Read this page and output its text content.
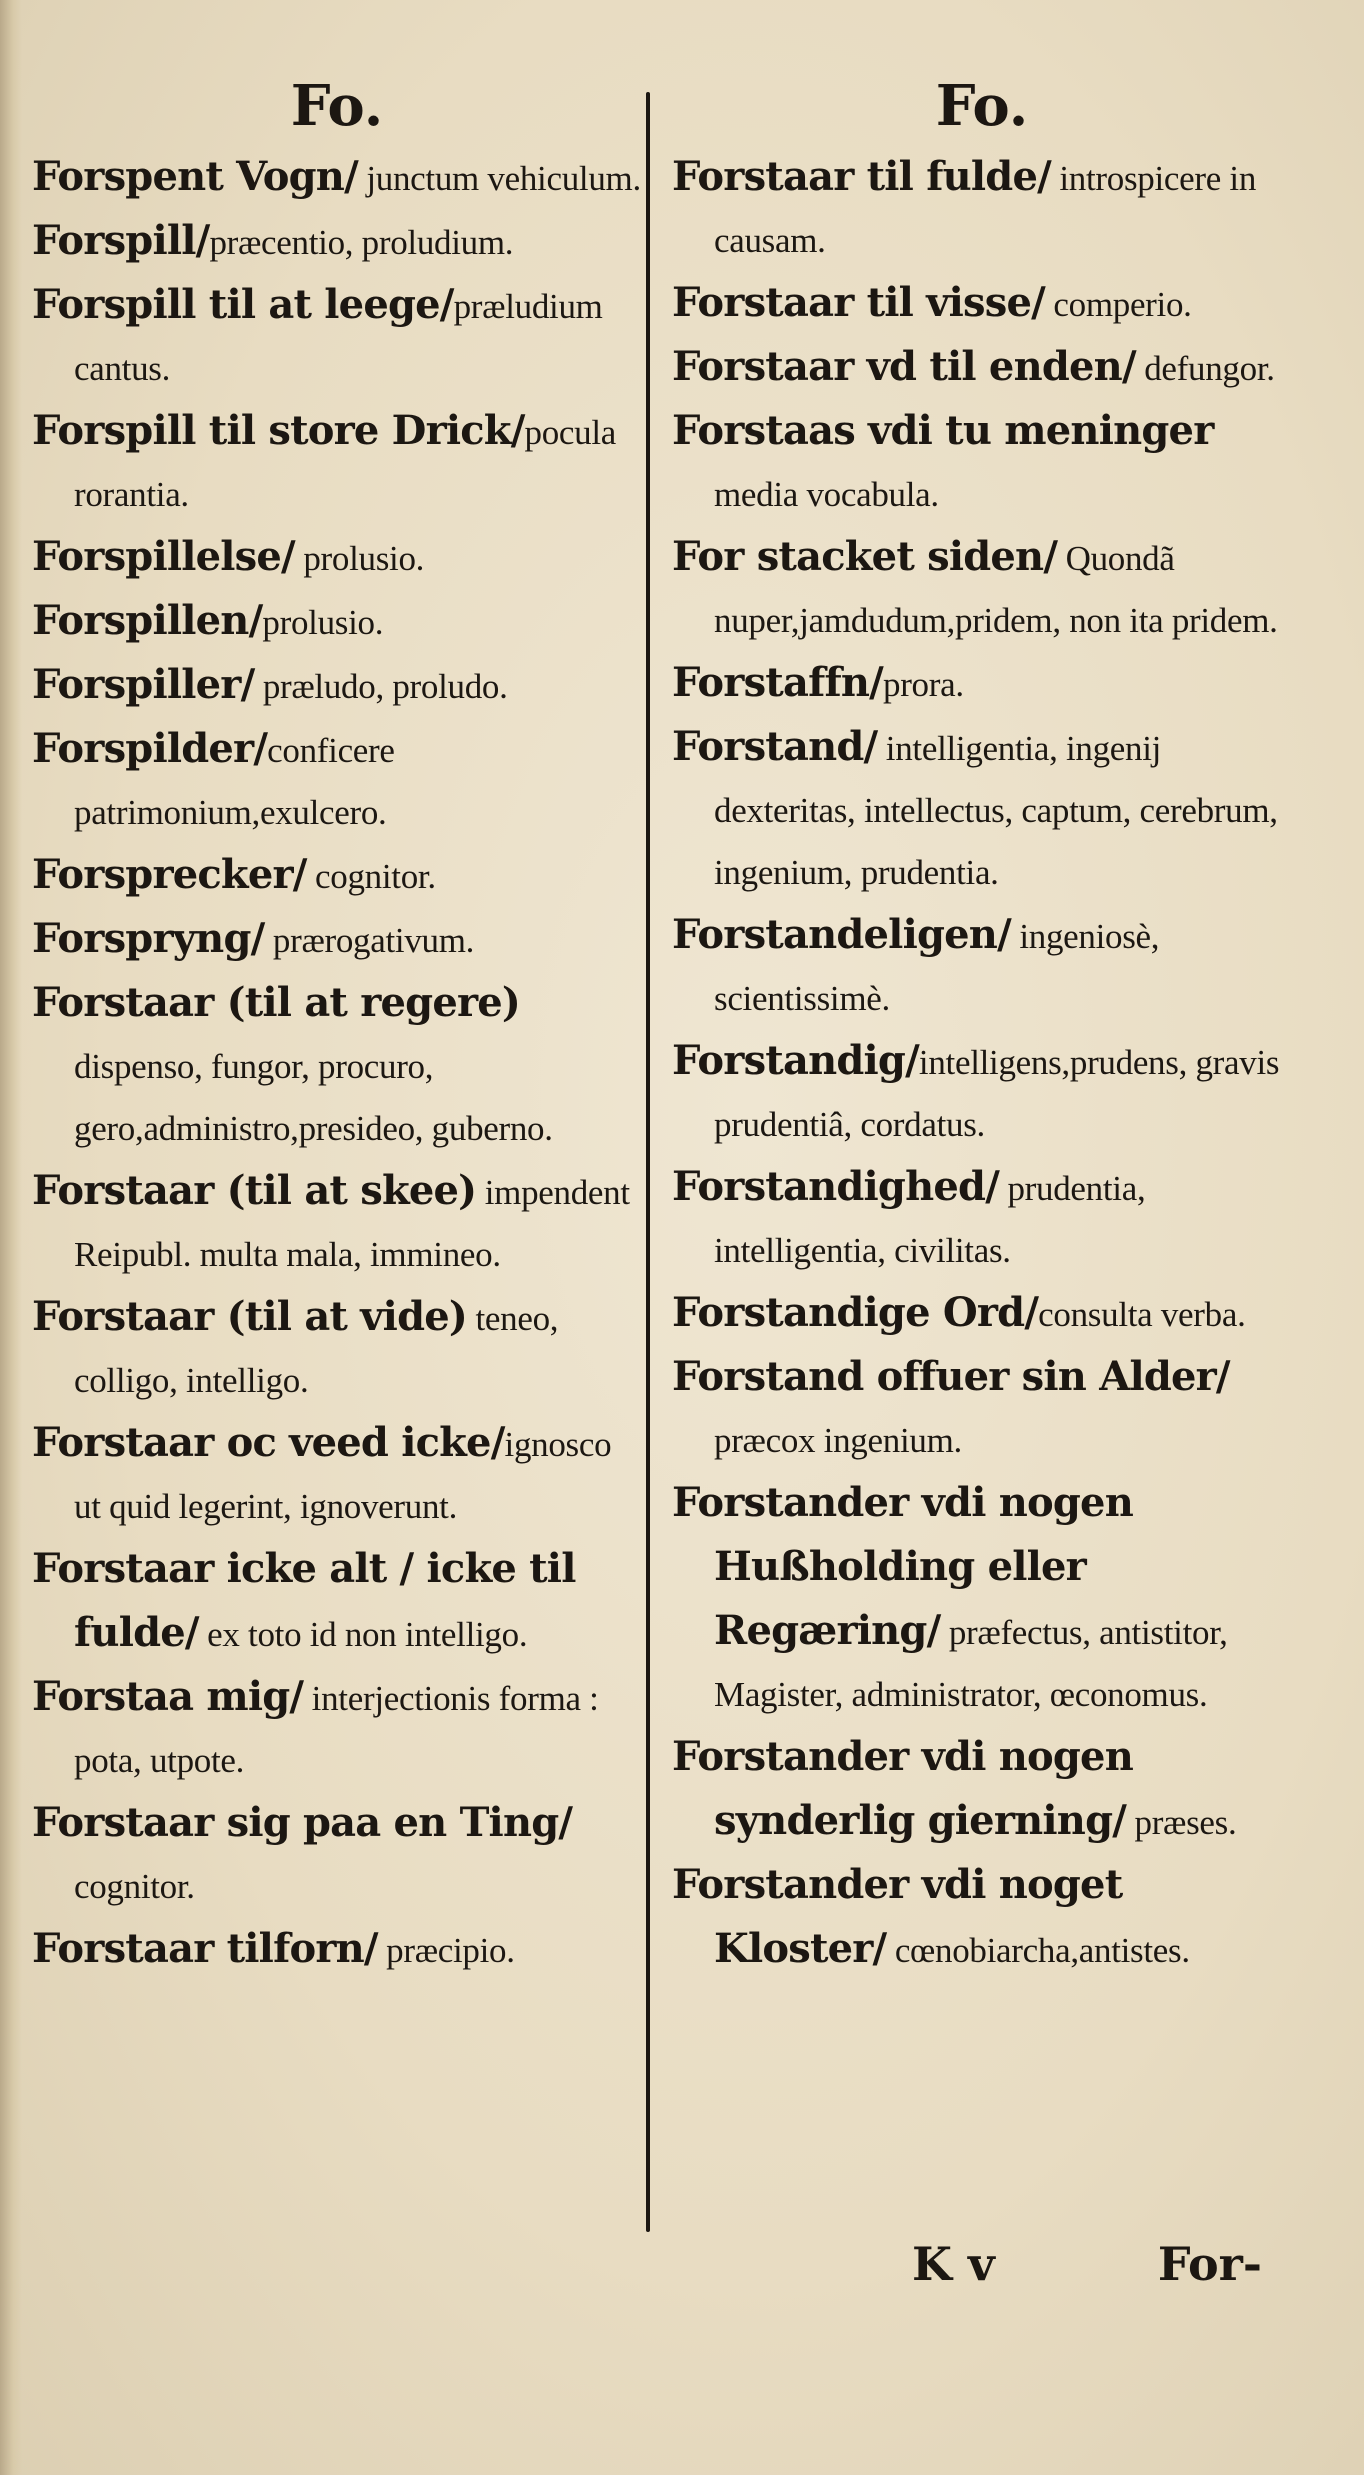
Fo.

Forspent Vogn/ junctum vehiculum.

Forspill/præcentio, proludium.

Forspill til at leege/præludium cantus.

Forspill til store Drick/pocula rorantia.

Forspillelse/ prolusio.

Forspillen/prolusio.

Forspiller/ præludo, proludo.

Forspilder/conficere patrimonium,exulcero.

Forsprecker/ cognitor.

Forspryng/ prærogativum.

Forstaar (til at regere) dispenso, fungor, procuro, gero,administro,presideo, guberno.

Forstaar (til at skee) impendent Reipubl. multa mala, immineo.

Forstaar (til at vide) teneo, colligo, intelligo.

Forstaar oc veed icke/ignosco ut quid legerint, ignoverunt.

Forstaar icke alt / icke til fulde/ ex toto id non intelligo.

Forstaa mig/ interjectionis forma : pota, utpote.

Forstaar sig paa en Ting/ cognitor.

Forstaar tilforn/ præcipio.

Fo.

Forstaar til fulde/ introspicere in causam.

Forstaar til visse/ comperio.

Forstaar vd til enden/ defungor.

Forstaas vdi tu meninger media vocabula.

For stacket siden/ Quondã nuper,jamdudum,pridem, non ita pridem.

Forstaffn/prora.

Forstand/ intelligentia, ingenij dexteritas, intellectus, captum, cerebrum, ingenium, prudentia.

Forstandeligen/ ingeniosè, scientissimè.

Forstandig/intelligens,prudens, gravis prudentiâ, cordatus.

Forstandighed/ prudentia, intelligentia, civilitas.

Forstandige Ord/consulta verba.

Forstand offuer sin Alder/ præcox ingenium.

Forstander vdi nogen Hußholding eller Regæring/ præfectus, antistitor, Magister, administrator, œconomus.

Forstander vdi nogen synderlig gierning/ præses.

Forstander vdi noget Kloster/ cœnobiarcha,antistes.

K v	For-
